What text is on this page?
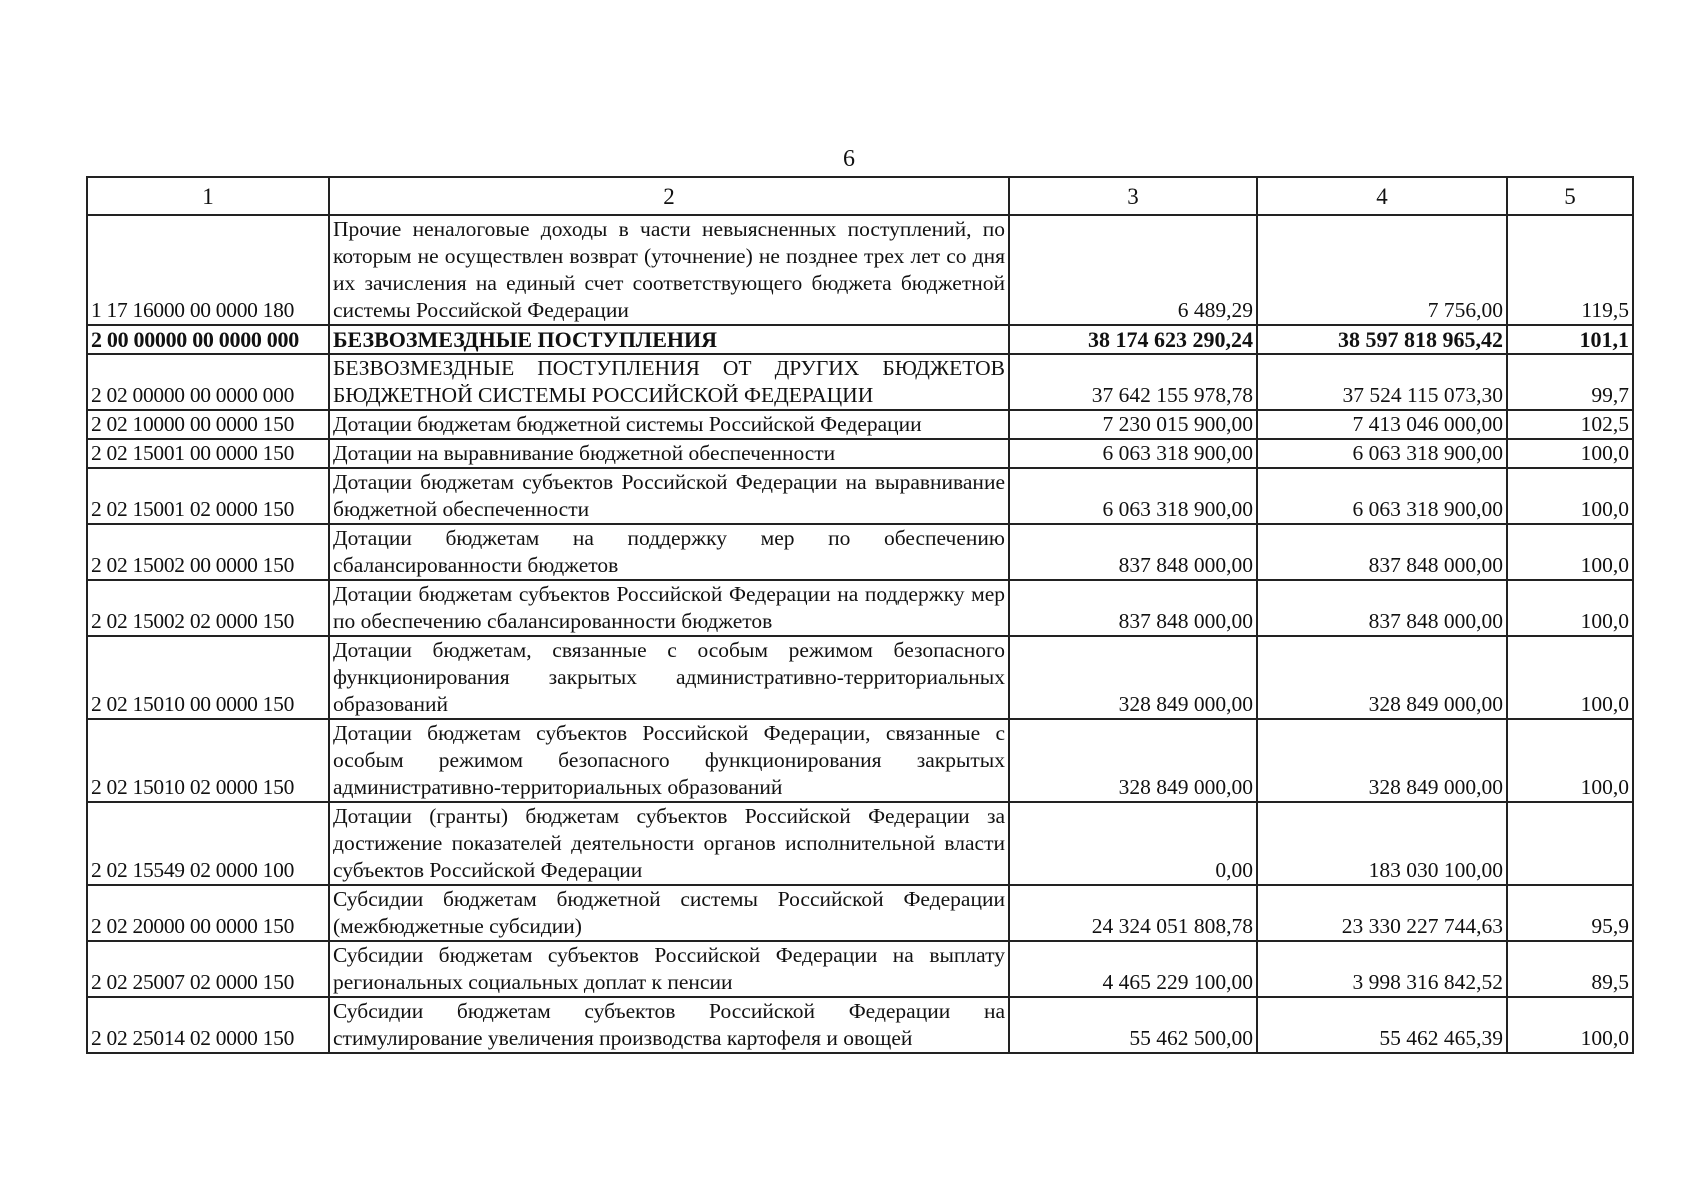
6
1	2	3	4	5
1 17 16000 00 0000 180	Прочие неналоговые доходы в части невыясненных поступлений, по которым не осуществлен возврат (уточнение) не позднее трех лет со дня их зачисления на единый счет соответствующего бюджета бюджетной системы Российской Федерации	6 489,29	7 756,00	119,5
2 00 00000 00 0000 000	БЕЗВОЗМЕЗДНЫЕ ПОСТУПЛЕНИЯ	38 174 623 290,24	38 597 818 965,42	101,1
2 02 00000 00 0000 000	БЕЗВОЗМЕЗДНЫЕ ПОСТУПЛЕНИЯ ОТ ДРУГИХ БЮДЖЕТОВ БЮДЖЕТНОЙ СИСТЕМЫ РОССИЙСКОЙ ФЕДЕРАЦИИ	37 642 155 978,78	37 524 115 073,30	99,7
2 02 10000 00 0000 150	Дотации бюджетам бюджетной системы Российской Федерации	7 230 015 900,00	7 413 046 000,00	102,5
2 02 15001 00 0000 150	Дотации на выравнивание бюджетной обеспеченности	6 063 318 900,00	6 063 318 900,00	100,0
2 02 15001 02 0000 150	Дотации бюджетам субъектов Российской Федерации на выравнивание бюджетной обеспеченности	6 063 318 900,00	6 063 318 900,00	100,0
2 02 15002 00 0000 150	Дотации бюджетам на поддержку мер по обеспечению сбалансированности бюджетов	837 848 000,00	837 848 000,00	100,0
2 02 15002 02 0000 150	Дотации бюджетам субъектов Российской Федерации на поддержку мер по обеспечению сбалансированности бюджетов	837 848 000,00	837 848 000,00	100,0
2 02 15010 00 0000 150	Дотации бюджетам, связанные с особым режимом безопасного функционирования закрытых административно-территориальных образований	328 849 000,00	328 849 000,00	100,0
2 02 15010 02 0000 150	Дотации бюджетам субъектов Российской Федерации, связанные с особым режимом безопасного функционирования закрытых административно-территориальных образований	328 849 000,00	328 849 000,00	100,0
2 02 15549 02 0000 100	Дотации (гранты) бюджетам субъектов Российской Федерации за достижение показателей деятельности органов исполнительной власти субъектов Российской Федерации	0,00	183 030 100,00	
2 02 20000 00 0000 150	Субсидии бюджетам бюджетной системы Российской Федерации (межбюджетные субсидии)	24 324 051 808,78	23 330 227 744,63	95,9
2 02 25007 02 0000 150	Субсидии бюджетам субъектов Российской Федерации на выплату региональных социальных доплат к пенсии	4 465 229 100,00	3 998 316 842,52	89,5
2 02 25014 02 0000 150	Субсидии бюджетам субъектов Российской Федерации на стимулирование увеличения производства картофеля и овощей	55 462 500,00	55 462 465,39	100,0
